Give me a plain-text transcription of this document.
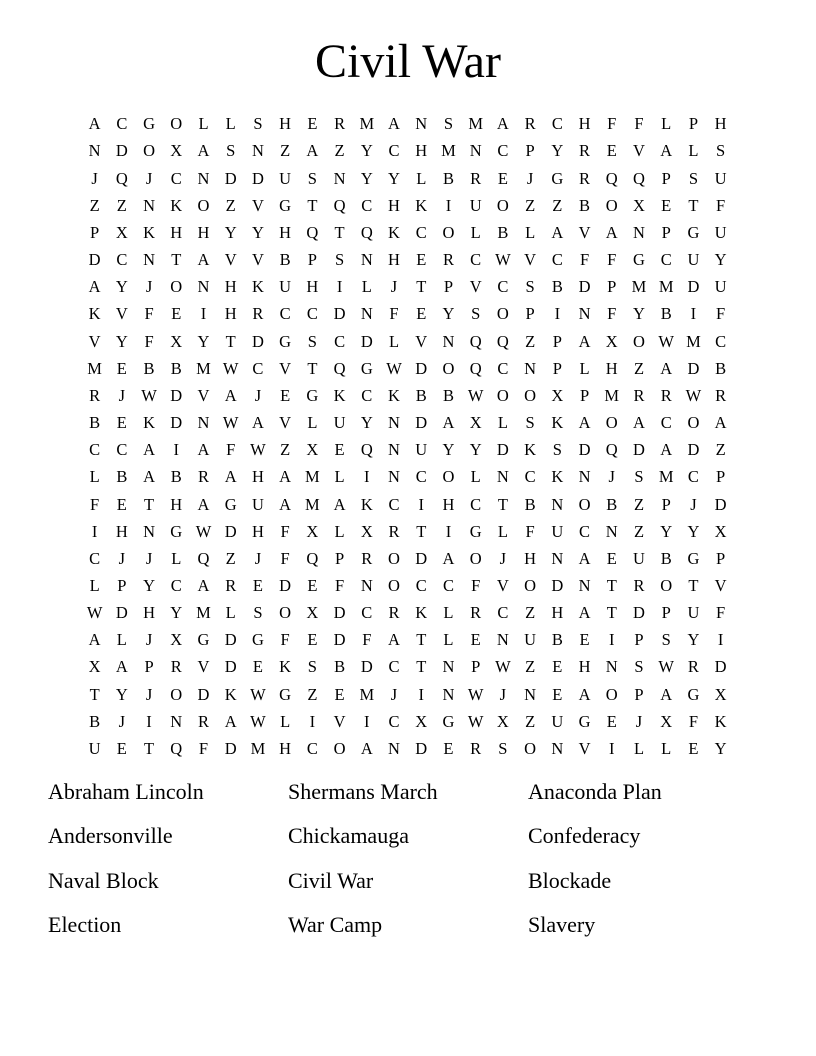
Civil War
A C G O L	L	S	H E	R M A N	S M A R C H	F	F	L	P	H
N D O X A	S	N Z A Z Y C H M N C	P	Y R	E V A L	S
J	Q	J	C N D D U	S	N Y Y L	B R	E	J	G R Q Q	P	S	U
Z	Z N K O Z V G T Q C H K	I	U O Z	Z	B O X E	T	F
P	X K H H Y Y H Q T Q K C O L	B	L A V A N	P	G U
D C N T A V V B	P	S	N H E	R C W V C	F	F	G C U Y
A Y	J	O N H K U H	I	L	J	T	P	V C	S	B D	P M M D U
K V	F	E	I	H R C C D N	F	E Y	S	O	P	I	N	F	Y B	I	F
V Y	F	X Y T D G	S	C D L V N Q Q Z	P	A X O W M C
M E	B B M W C V T Q G W D O Q C N	P	L H Z A D B
R	J W D V A	J	E G K C K B B W O O X	P M R R W R
B	E K D N W A V L U Y N D A X L	S	K A O A C O A
C C A	I	A	F W Z X E Q N U Y Y D K	S	D Q D A D Z
L	B A B R A H A M L	I	N C O L N C K N	J	S M C	P
F	E	T H A G U A M A K C	I	H C	T	B N O B	Z	P	J	D
I	H N G W D H	F	X L X R	T	I	G L	F	U C N Z Y Y X
C	J	J	L Q Z	J	F	Q	P	R O D A O	J	H N A E U B G	P
L	P	Y C A R	E D E	F	N O C C	F	V O D N T	R O T V
W D H Y M L	S	O X D C R K L	R C	Z H A T D	P	U	F
A L	J	X G D G	F	E D	F	A T	L	E N U B	E	I	P	S	Y	I
X A	P	R V D E K	S	B D C	T N	P W Z	E H N	S W R D
T Y	J	O D K W G Z	E M	J	I	N W J	N E A O	P	A G X
B	J	I	N R A W L	I	V	I	C X G W X Z U G E	J	X	F	K
U E	T Q	F	D M H C O A N D E	R	S	O N V	I	L	L	E Y
Abraham Lincoln	Shermans March	Anaconda Plan
Andersonville	Chickamauga	Confederacy
Naval Block	Civil War	Blockade
Election	War Camp	Slavery
